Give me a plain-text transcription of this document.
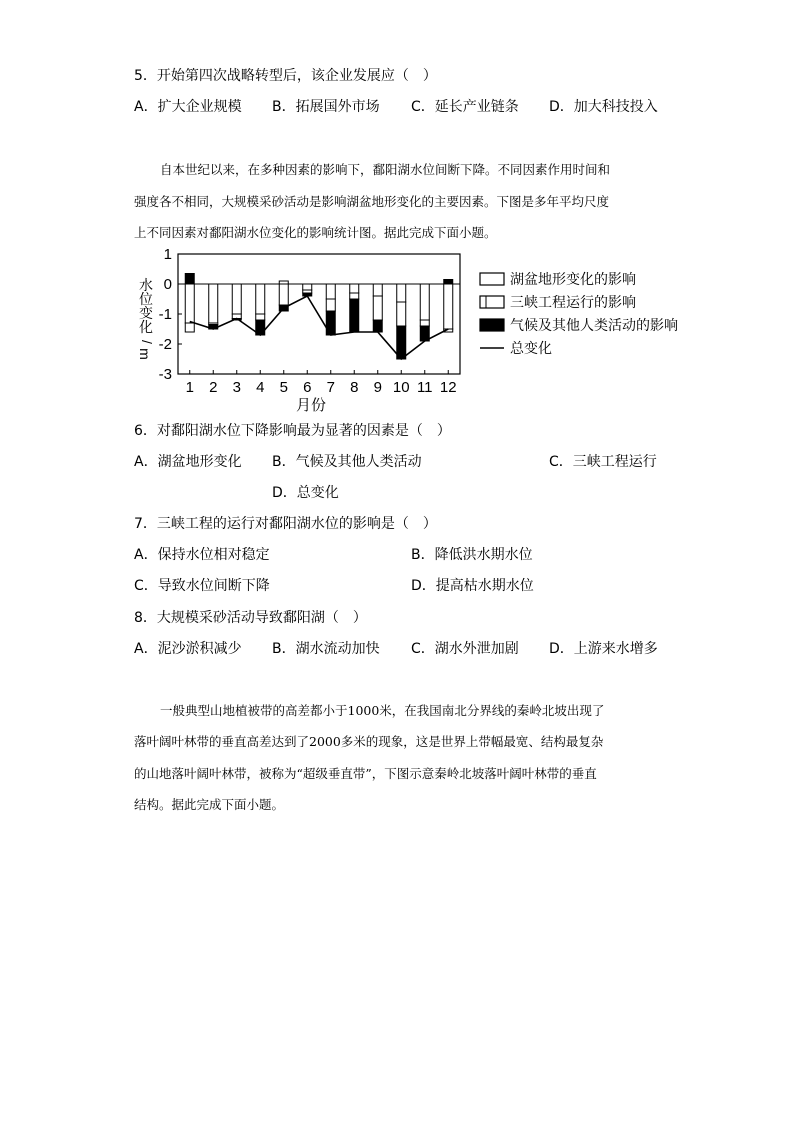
5．开始第四次战略转型后，该企业发展应（　）
A．扩大企业规模 B．拓展国外市场 C．延长产业链条 D．加大科技投入
自本世纪以来，在多种因素的影响下，鄱阳湖水位间断下降。不同因素作用时间和
强度各不相同，大规模采砂活动是影响湖盆地形变化的主要因素。下图是多年平均尺度
上不同因素对鄱阳湖水位变化的影响统计图。据此完成下面小题。
水
位
变
化
/
m
1
0
-1
-2
-3
1 2 3 4 5 6 7 8 9 10 11 12
月份
湖盆地形变化的影响
三峡工程运行的影响
气候及其他人类活动的影响
总变化
6．对鄱阳湖水位下降影响最为显著的因素是（　）
A．湖盆地形变化 B．气候及其他人类活动	C．三峡工程运行
D．总变化
7．三峡工程的运行对鄱阳湖水位的影响是（　）
A．保持水位相对稳定	B．降低洪水期水位
C．导致水位间断下降	D．提高枯水期水位
8．大规模采砂活动导致鄱阳湖（　）
A．泥沙淤积减少 B．湖水流动加快 C．湖水外泄加剧 D．上游来水增多
一般典型山地植被带的高差都小于1000米，在我国南北分界线的秦岭北坡出现了
落叶阔叶林带的垂直高差达到了2000多米的现象，这是世界上带幅最宽、结构最复杂
的山地落叶阔叶林带，被称为“超级垂直带”，下图示意秦岭北坡落叶阔叶林带的垂直
结构。据此完成下面小题。
